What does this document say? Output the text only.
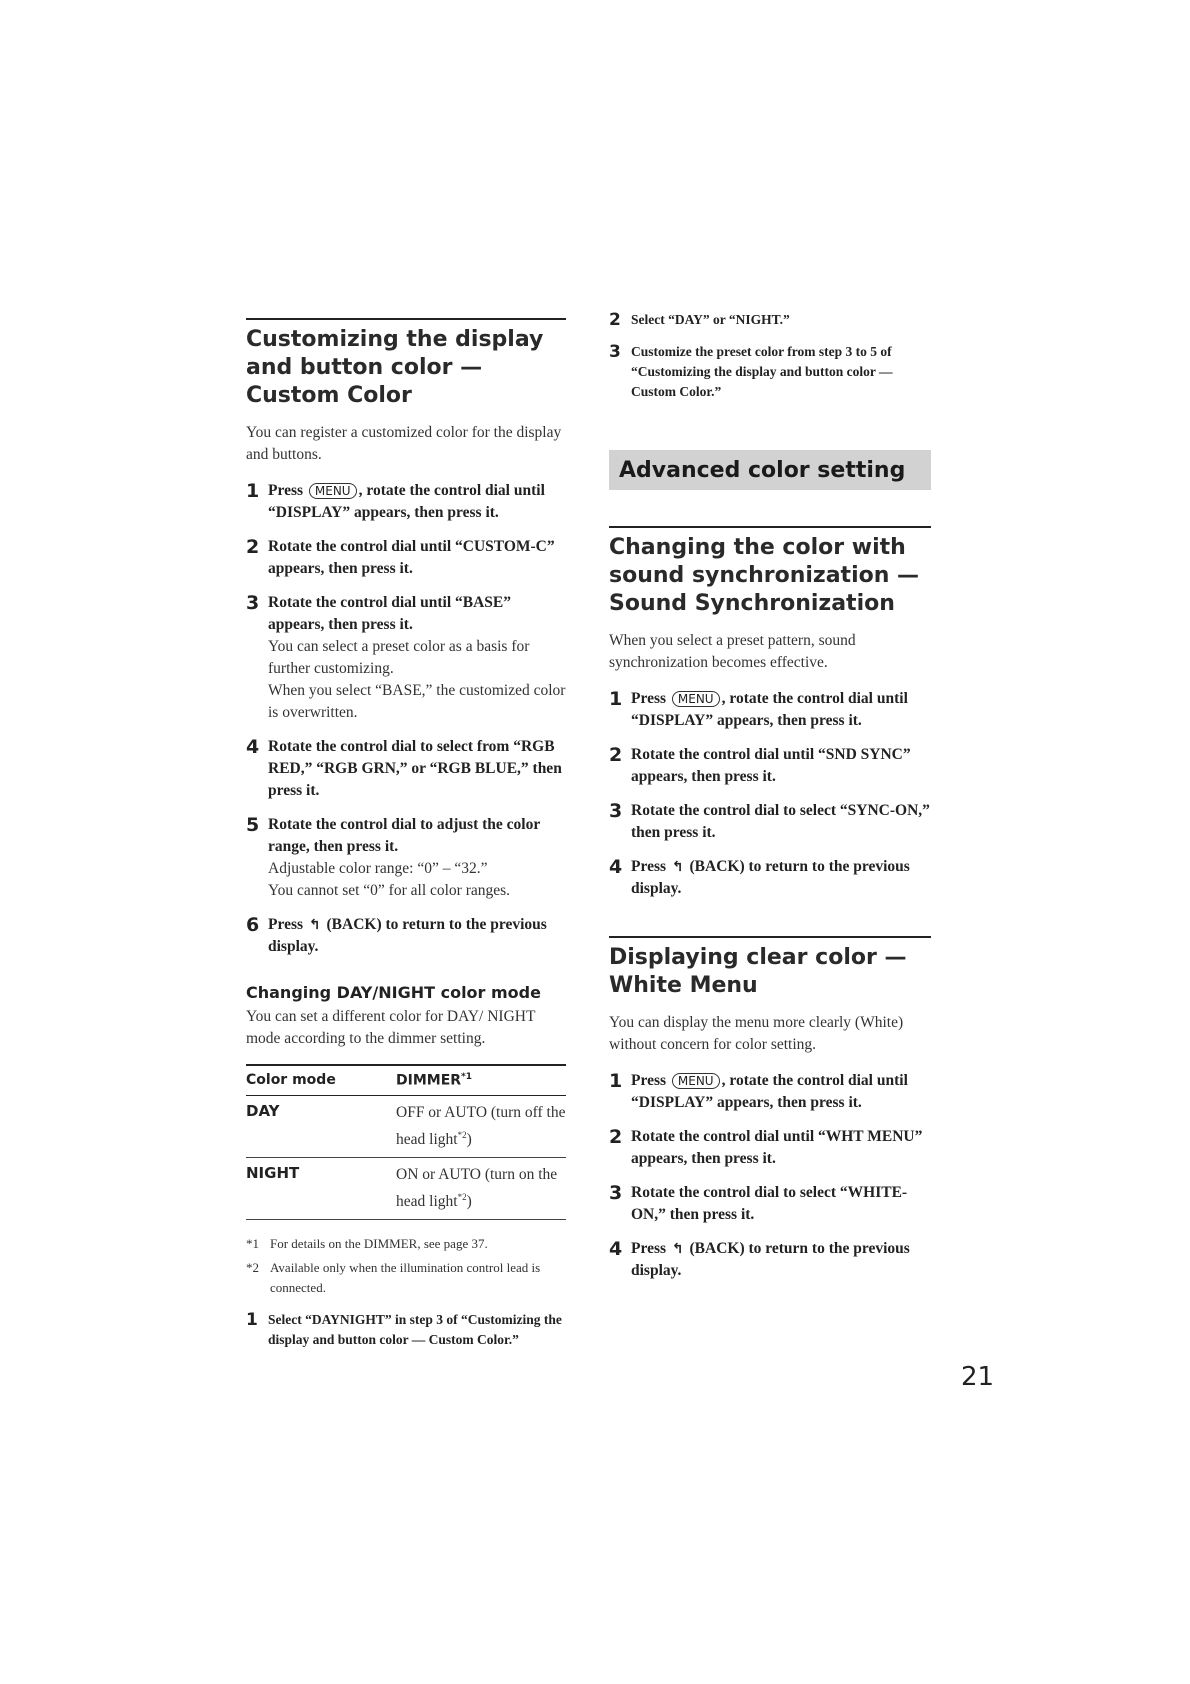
Customizing the display and button color — Custom Color
You can register a customized color for the display and buttons.
1 Press MENU , rotate the control dial until “DISPLAY” appears, then press it.
2 Rotate the control dial until “CUSTOM-C” appears, then press it.
3 Rotate the control dial until “BASE” appears, then press it.
You can select a preset color as a basis for further customizing.
When you select “BASE,” the customized color is overwritten.
4 Rotate the control dial to select from “RGB RED,” “RGB GRN,” or “RGB BLUE,” then press it.
5 Rotate the control dial to adjust the color range, then press it.
Adjustable color range: “0” – “32.”
You cannot set “0” for all color ranges.
6 Press ↰ (BACK) to return to the previous display.
Changing DAY/NIGHT color mode
You can set a different color for DAY/ NIGHT mode according to the dimmer setting.
Color mode	DIMMER$^{*1}$
DAY	OFF or AUTO (turn off the head light$^{*2}$)
NIGHT	ON or AUTO (turn on the head light$^{*2}$)
*1 For details on the DIMMER, see page 37.
*2 Available only when the illumination control lead is connected.
1 Select “DAYNIGHT” in step 3 of “Customizing the display and button color — Custom Color.”
2 Select “DAY” or “NIGHT.”
3 Customize the preset color from step 3 to 5 of “Customizing the display and button color — Custom Color.”
Advanced color setting
Changing the color with sound synchronization — Sound Synchronization
When you select a preset pattern, sound synchronization becomes effective.
1 Press MENU , rotate the control dial until “DISPLAY” appears, then press it.
2 Rotate the control dial until “SND SYNC” appears, then press it.
3 Rotate the control dial to select “SYNC-ON,” then press it.
4 Press ↰ (BACK) to return to the previous display.
Displaying clear color — White Menu
You can display the menu more clearly (White) without concern for color setting.
1 Press MENU , rotate the control dial until “DISPLAY” appears, then press it.
2 Rotate the control dial until “WHT MENU” appears, then press it.
3 Rotate the control dial to select “WHITE-ON,” then press it.
4 Press ↰ (BACK) to return to the previous display.
21
